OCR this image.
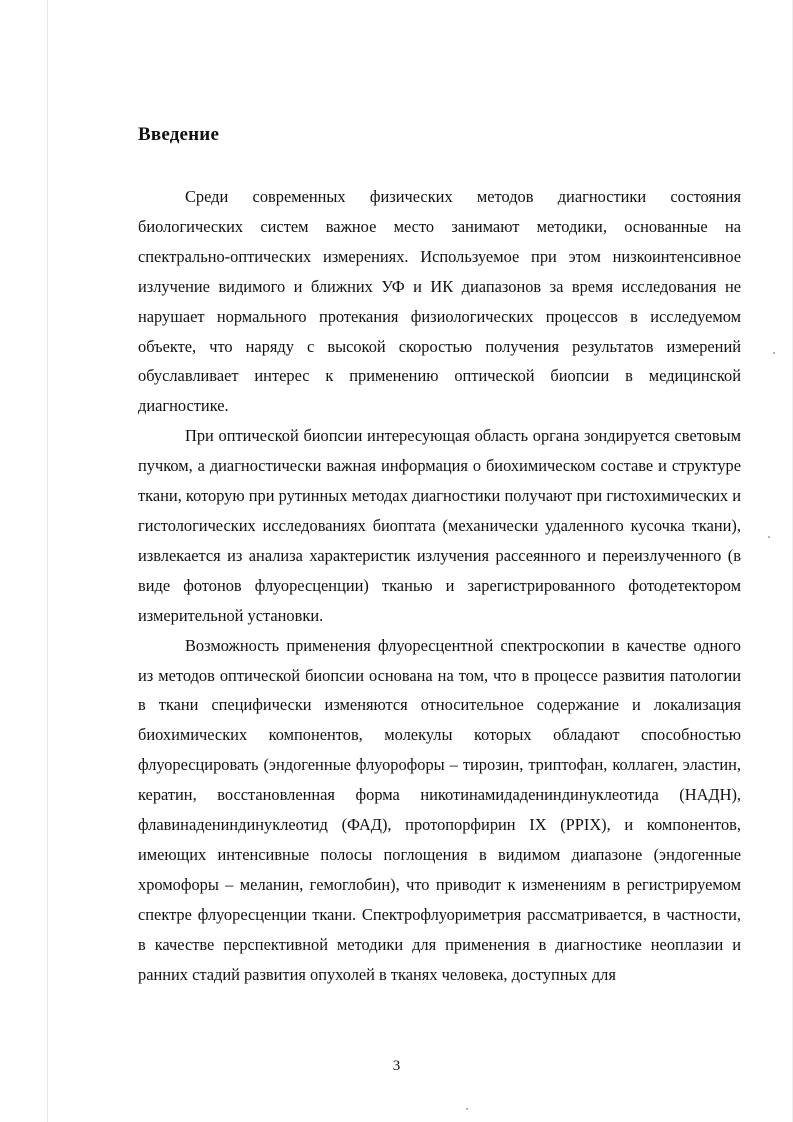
Введение

Среди современных физических методов диагностики состояния биологических систем важное место занимают методики, основанные на спектрально-оптических измерениях. Используемое при этом низкоинтенсивное излучение видимого и ближних УФ и ИК диапазонов за время исследования не нарушает нормального протекания физиологических процессов в исследуемом объекте, что наряду с высокой скоростью получения результатов измерений обуславливает интерес к применению оптической биопсии в медицинской диагностике.

При оптической биопсии интересующая область органа зондируется световым пучком, а диагностически важная информация о биохимическом составе и структуре ткани, которую при рутинных методах диагностики получают при гистохимических и гистологических исследованиях биоптата (механически удаленного кусочка ткани), извлекается из анализа характеристик излучения рассеянного и переизлученного (в виде фотонов флуоресценции) тканью и зарегистрированного фотодетектором измерительной установки.

Возможность применения флуоресцентной спектроскопии в качестве одного из методов оптической биопсии основана на том, что в процессе развития патологии в ткани специфически изменяются относительное содержание и локализация биохимических компонентов, молекулы которых обладают способностью флуоресцировать (эндогенные флуорофоры – тирозин, триптофан, коллаген, эластин, кератин, восстановленная форма никотинамидадениндинуклеотида (НАДН), флавинадениндинуклеотид (ФАД), протопорфирин IX (PPIX), и компонентов, имеющих интенсивные полосы поглощения в видимом диапазоне (эндогенные хромофоры – меланин, гемоглобин), что приводит к изменениям в регистрируемом спектре флуоресценции ткани. Спектрофлуориметрия рассматривается, в частности, в качестве перспективной методики для применения в диагностике неоплазии и ранних стадий развития опухолей в тканях человека, доступных для

3
